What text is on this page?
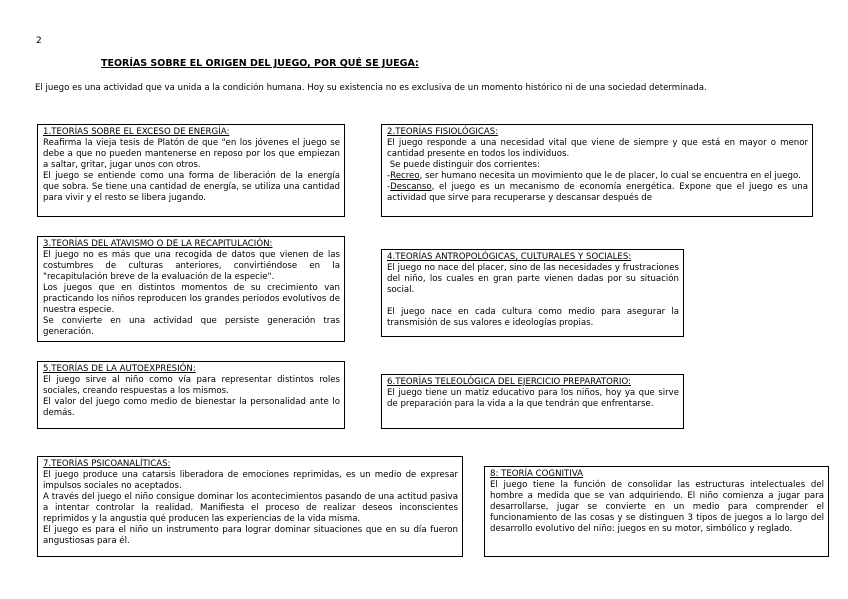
2
TEORÍAS SOBRE EL ORIGEN DEL JUEGO, POR QUÉ SE JUEGA:
El juego es una actividad que va unida a la condición humana. Hoy su existencia no es exclusiva de un momento histórico ni de una sociedad determinada.
1.TEORÍAS SOBRE EL EXCESO DE ENERGÍA:

Reafirma la vieja tesis de Platón de que "en los jóvenes el juego se debe a que no pueden mantenerse en reposo por los que empiezan a saltar, gritar, jugar unos con otros.

El juego se entiende como una forma de liberación de la energía que sobra. Se tiene una cantidad de energía, se utiliza una cantidad para vivir y el resto se libera jugando.

2.TEORÍAS FISIOLÓGICAS:

El juego responde a una necesidad vital que viene de siempre y que está en mayor o menor cantidad presente en todos los individuos.

Se puede distinguir dos corrientes:

-Recreo, ser humano necesita un movimiento que le de placer, lo cual se encuentra en el juego.

-Descanso, el juego es un mecanismo de economía energética. Expone que el juego es una actividad que sirve para recuperarse y descansar después de

3.TEORÍAS DEL ATAVISMO O DE LA RECAPITULACIÓN:

El juego no es más que una recogida de datos que vienen de las costumbres de culturas anteriores, convirtiéndose en la "recapitulación breve de la evaluación de la especie".

Los juegos que en distintos momentos de su crecimiento van practicando los niños reproducen los grandes periodos evolutivos de nuestra especie.

Se convierte en una actividad que persiste generación tras generación.

4.TEORÍAS ANTROPOLÓGICAS, CULTURALES Y SOCIALES:

El juego no nace del placer, sino de las necesidades y frustraciones del niño, los cuales en gran parte vienen dadas por su situación social.

El juego nace en cada cultura como medio para asegurar la transmisión de sus valores e ideologías propias.

5.TEORÍAS DE LA AUTOEXPRESIÓN:

El juego sirve al niño como vía para representar distintos roles sociales, creando respuestas a los mismos.

El valor del juego como medio de bienestar la personalidad ante lo demás.

6.TEORÍAS TELEOLÓGICA DEL EJERCICIO PREPARATORIO:

El juego tiene un matiz educativo para los niños, hoy ya que sirve de preparación para la vida a la que tendrán que enfrentarse.

7.TEORÍAS PSICOANALÍTICAS:

El juego produce una catarsis liberadora de emociones reprimidas, es un medio de expresar impulsos sociales no aceptados.

A través del juego el niño consigue dominar los acontecimientos pasando de una actitud pasiva a intentar controlar la realidad. Manifiesta el proceso de realizar deseos inconscientes reprimidos y la angustia qué producen las experiencias de la vida misma.

El juego es para el niño un instrumento para lograr dominar situaciones que en su día fueron angustiosas para él.

8: TEORÍA COGNITIVA

El juego tiene la función de consolidar las estructuras intelectuales del hombre a medida que se van adquiriendo. El niño comienza a jugar para desarrollarse, jugar se convierte en un medio para comprender el funcionamiento de las cosas y se distinguen 3 tipos de juegos a lo largo del desarrollo evolutivo del niño: juegos en su motor, simbólico y reglado.
